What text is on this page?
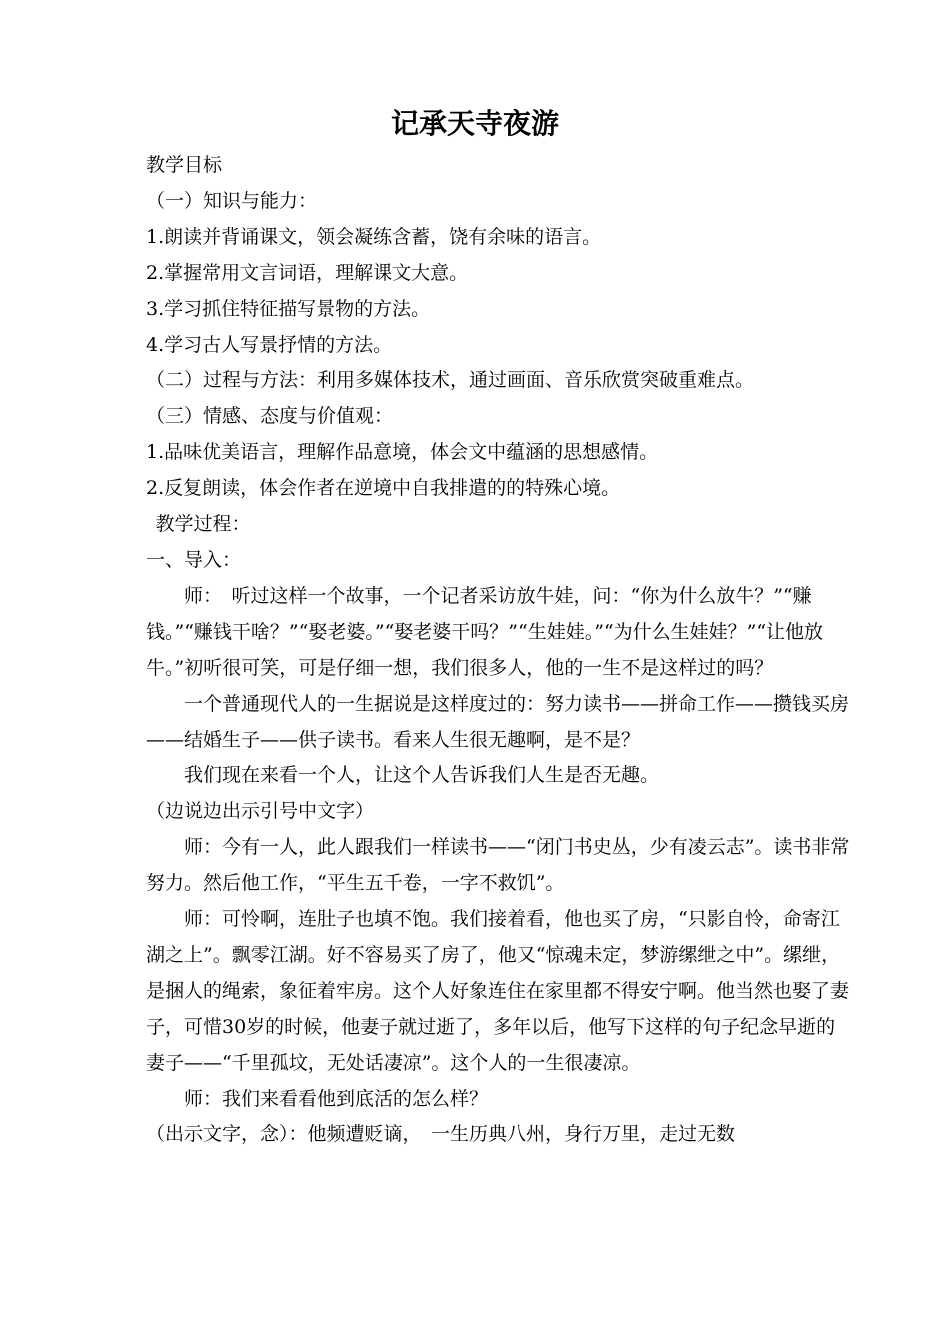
记承天寺夜游

教学目标

（一）知识与能力：

1.朗读并背诵课文，领会凝练含蓄，饶有余味的语言。

2.掌握常用文言词语，理解课文大意。

3.学习抓住特征描写景物的方法。

4.学习古人写景抒情的方法。

（二）过程与方法：利用多媒体技术，通过画面、音乐欣赏突破重难点。

（三）情感、态度与价值观：

1.品味优美语言，理解作品意境，体会文中蕴涵的思想感情。

2.反复朗读，体会作者在逆境中自我排遣的的特殊心境。

教学过程：

一、导入：

师：　听过这样一个故事，一个记者采访放牛娃，问：“你为什么放牛？”“赚钱。”“赚钱干啥？”“娶老婆。”“娶老婆干吗？”“生娃娃。”“为什么生娃娃？”“让他放牛。”初听很可笑，可是仔细一想，我们很多人，他的一生不是这样过的吗？

一个普通现代人的一生据说是这样度过的：努力读书——拼命工作——攒钱买房——结婚生子——供子读书。看来人生很无趣啊，是不是？

我们现在来看一个人，让这个人告诉我们人生是否无趣。

（边说边出示引号中文字）

师：今有一人，此人跟我们一样读书——“闭门书史丛，少有凌云志”。读书非常努力。然后他工作，“平生五千卷，一字不救饥”。

师：可怜啊，连肚子也填不饱。我们接着看，他也买了房，“只影自怜，命寄江湖之上”。飘零江湖。好不容易买了房了，他又“惊魂未定，梦游缧绁之中”。缧绁，是捆人的绳索，象征着牢房。这个人好象连住在家里都不得安宁啊。他当然也娶了妻子，可惜30岁的时候，他妻子就过逝了，多年以后，他写下这样的句子纪念早逝的妻子——“千里孤坟，无处话凄凉”。这个人的一生很凄凉。

师：我们来看看他到底活的怎么样？

（出示文字，念）：他频遭贬谪，　一生历典八州，身行万里，走过无数
